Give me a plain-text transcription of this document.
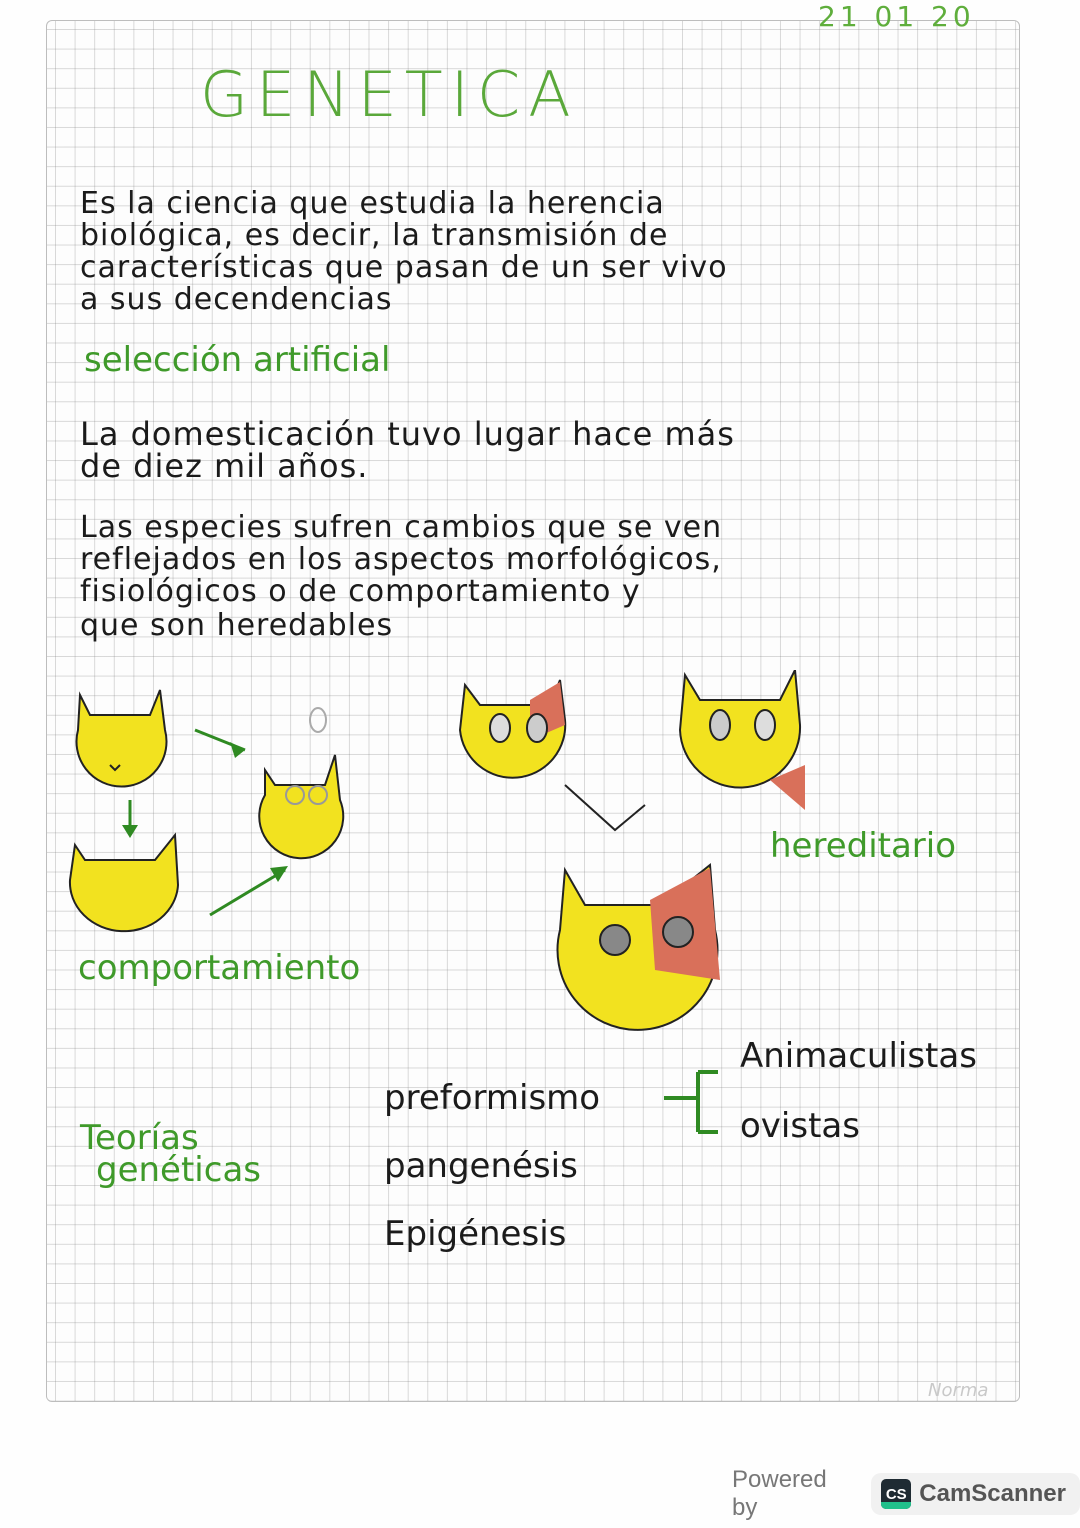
21 01 20
GENETICA
Es la ciencia que estudia la herencia
biológica, es decir, la transmisión de
características que pasan de un ser vivo
a sus decendencias
selección artificial
La domesticación tuvo lugar hace más
de diez mil años.
Las especies sufren cambios que se ven
reflejados en los aspectos morfológicos,
fisiológicos o de comportamiento y
que son heredables
hereditario
comportamiento
Teorías
genéticas
preformismo
pangenésis
Epigénesis
Animaculistas
ovistas
Norma
Powered by	CS CamScanner
